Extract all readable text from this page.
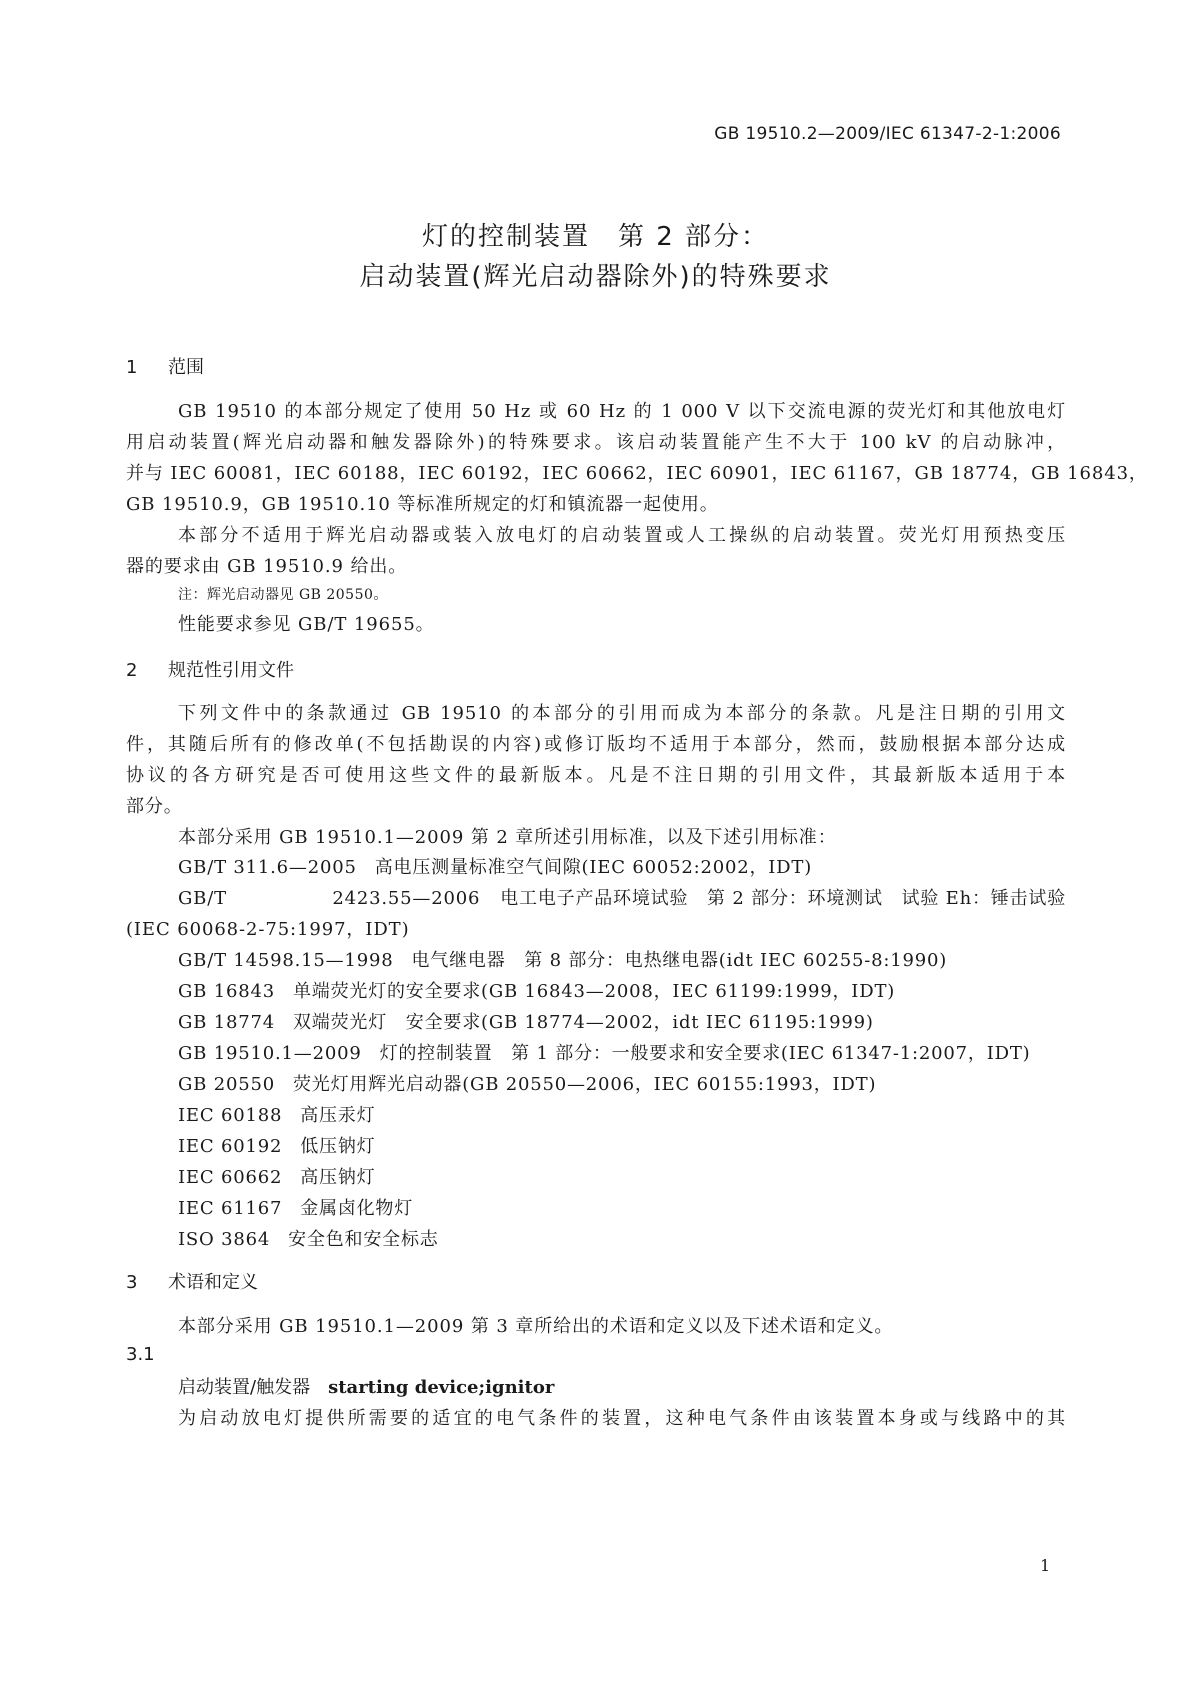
GB 19510.2—2009/IEC 61347-2-1:2006
灯的控制装置　第 2 部分：
启动装置(辉光启动器除外)的特殊要求
1 范围
GB 19510 的本部分规定了使用 50 Hz 或 60 Hz 的 1 000 V 以下交流电源的荧光灯和其他放电灯
用启动装置(辉光启动器和触发器除外)的特殊要求。该启动装置能产生不大于 100 kV 的启动脉冲，
并与 IEC 60081，IEC 60188，IEC 60192，IEC 60662，IEC 60901，IEC 61167，GB 18774，GB 16843，
GB 19510.9，GB 19510.10 等标准所规定的灯和镇流器一起使用。
本部分不适用于辉光启动器或装入放电灯的启动装置或人工操纵的启动装置。荧光灯用预热变压
器的要求由 GB 19510.9 给出。
注：辉光启动器见 GB 20550。
性能要求参见 GB/T 19655。
2 规范性引用文件
下列文件中的条款通过 GB 19510 的本部分的引用而成为本部分的条款。凡是注日期的引用文
件，其随后所有的修改单(不包括勘误的内容)或修订版均不适用于本部分，然而，鼓励根据本部分达成
协议的各方研究是否可使用这些文件的最新版本。凡是不注日期的引用文件，其最新版本适用于本
部分。
本部分采用 GB 19510.1—2009 第 2 章所述引用标准，以及下述引用标准：
GB/T 311.6—2005 高电压测量标准空气间隙(IEC 60052:2002，IDT)
GB/T 2423.55—2006 电工电子产品环境试验　第 2 部分：环境测试　试验 Eh：锤击试验
(IEC 60068-2-75:1997，IDT)
GB/T 14598.15—1998 电气继电器　第 8 部分：电热继电器(idt IEC 60255-8:1990)
GB 16843 单端荧光灯的安全要求(GB 16843—2008，IEC 61199:1999，IDT)
GB 18774 双端荧光灯　安全要求(GB 18774—2002，idt IEC 61195:1999)
GB 19510.1—2009 灯的控制装置　第 1 部分：一般要求和安全要求(IEC 61347-1:2007，IDT)
GB 20550 荧光灯用辉光启动器(GB 20550—2006，IEC 60155:1993，IDT)
IEC 60188 高压汞灯
IEC 60192 低压钠灯
IEC 60662 高压钠灯
IEC 61167 金属卤化物灯
ISO 3864 安全色和安全标志
3 术语和定义
本部分采用 GB 19510.1—2009 第 3 章所给出的术语和定义以及下述术语和定义。
3.1
启动装置/触发器 starting device;ignitor
为启动放电灯提供所需要的适宜的电气条件的装置，这种电气条件由该装置本身或与线路中的其
1
